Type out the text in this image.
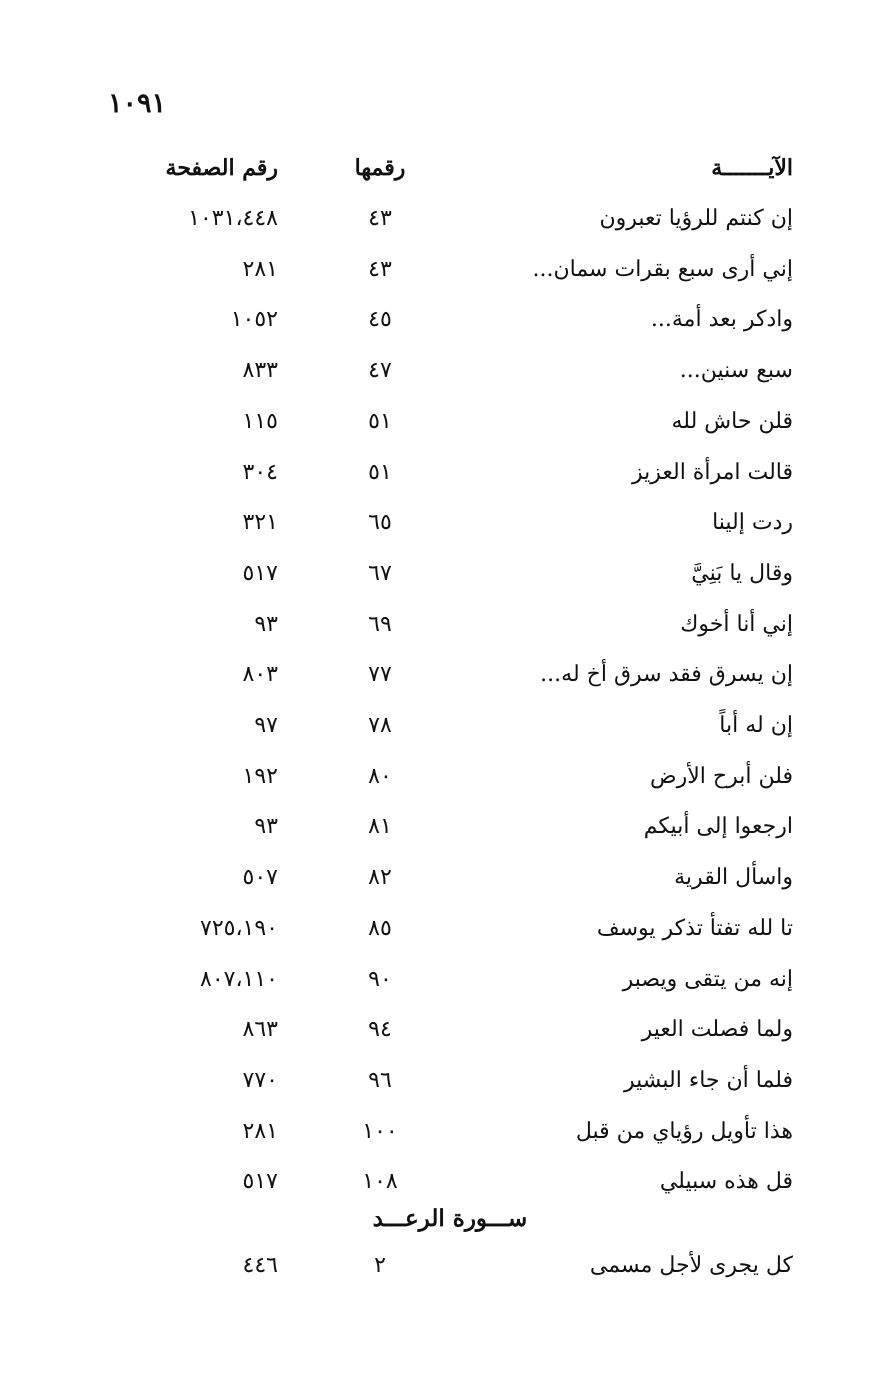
١٠٩١
الآيـــــــة
رقمها
رقم الصفحة
إن كنتم للرؤيا تعبرون
٤٣
١٠٣١،٤٤٨
إني أرى سبع بقرات سمان...
٤٣
٢٨١
وادكر بعد أمة...
٤٥
١٠٥٢
سبع سنين...
٤٧
٨٣٣
قلن حاش لله
٥١
١١٥
قالت امرأة العزيز
٥١
٣٠٤
ردت إلينا
٦٥
٣٢١
وقال يا بَنِيَّ
٦٧
٥١٧
إني أنا أخوك
٦٩
٩٣
إن يسرق فقد سرق أخ له...
٧٧
٨٠٣
إن له أباً
٧٨
٩٧
فلن أبرح الأرض
٨٠
١٩٢
ارجعوا إلى أبيكم
٨١
٩٣
واسأل القرية
٨٢
٥٠٧
تا لله تفتأ تذكر يوسف
٨٥
٧٢٥،١٩٠
إنه من يتقى ويصبر
٩٠
٨٠٧،١١٠
ولما فصلت العير
٩٤
٨٦٣
فلما أن جاء البشير
٩٦
٧٧٠
هذا تأويل رؤياي من قبل
١٠٠
٢٨١
قل هذه سبيلي
١٠٨
٥١٧
ســـورة الرعـــد
كل يجرى لأجل مسمى
٢
٤٤٦
